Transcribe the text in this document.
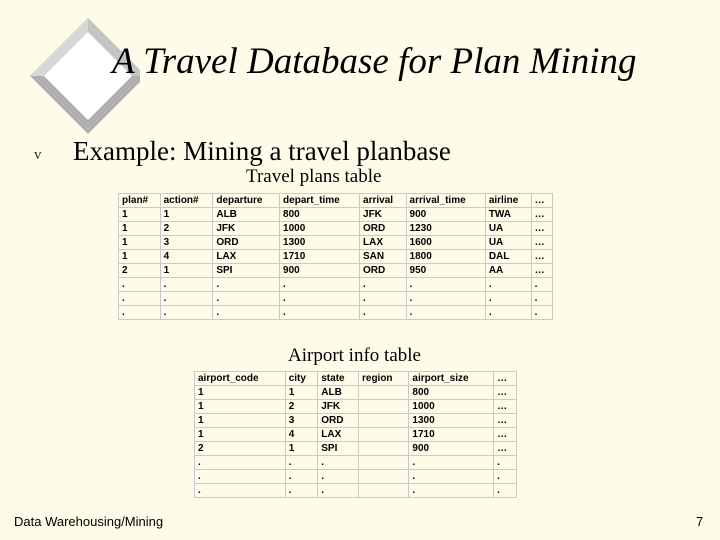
A Travel Database for Plan Mining
v Example: Mining a travel planbase
Travel plans table
plan#	action#	departure	depart_time	arrival	arrival_time	airline	…
1	1	ALB	800	JFK	900	TWA	…
1	2	JFK	1000	ORD	1230	UA	…
1	3	ORD	1300	LAX	1600	UA	…
1	4	LAX	1710	SAN	1800	DAL	…
2	1	SPI	900	ORD	950	AA	…
.	.	.	.	.	.	.	.
.	.	.	.	.	.	.	.
.	.	.	.	.	.	.	.
Airport info table
airport_code	city	state	region	airport_size	…
1	1	ALB		800	…
1	2	JFK		1000	…
1	3	ORD		1300	…
1	4	LAX		1710	…
2	1	SPI		900	…
.	.	.		.	.
.	.	.		.	.
.	.	.		.	.
Data Warehousing/Mining	7
